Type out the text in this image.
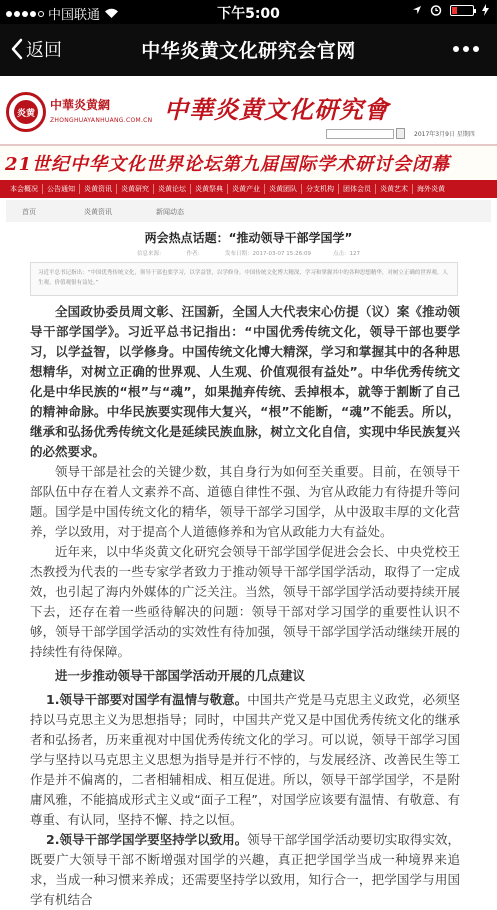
中国联通	下午5:00
返回	中华炎黄文化研究会官网
炎黄
中華炎黄網
ZHONGHUAYANHUANG.COM.CN 中華炎黄文化研究會
2017年3月9日 星期四
21世纪中华文化世界论坛第九届国际学术研讨会闭幕
本会概况	公告通知	炎黄资讯	炎黄研究	炎黄论坛	炎黄祭典	炎黄产业	炎黄团队	分支机构	团体会员	炎黄艺术	海外炎黄
首页	炎黄资讯	新闻动态
两会热点话题：“推动领导干部学国学”
信息来源：	作者：	发布日期：2017-03-07 15:26:09	点击：127
习近平总书记指出：“中国优秀传统文化，领导干部也要学习，以学益智，以学修身。中国传统文化博大精深，学习和掌握其中的各种思想精华，对树立正确的世界观、人生观、价值观很有益处。”

全国政协委员周文彰、汪国新，全国人大代表宋心仿提（议）案《推动领导干部学国学》。习近平总书记指出：“中国优秀传统文化，领导干部也要学习，以学益智，以学修身。中国传统文化博大精深，学习和掌握其中的各种思想精华，对树立正确的世界观、人生观、价值观很有益处”。中华优秀传统文化是中华民族的“根”与“魂”，如果抛弃传统、丢掉根本，就等于割断了自己的精神命脉。中华民族要实现伟大复兴，“根”不能断，“魂”不能丢。所以，继承和弘扬优秀传统文化是延续民族血脉，树立文化自信，实现中华民族复兴的必然要求。

领导干部是社会的关键少数，其自身行为如何至关重要。目前，在领导干部队伍中存在着人文素养不高、道德自律性不强、为官从政能力有待提升等问题。国学是中国传统文化的精华，领导干部学习国学，从中汲取丰厚的文化营养，学以致用，对于提高个人道德修养和为官从政能力大有益处。

近年来，以中华炎黄文化研究会领导干部学国学促进会会长、中央党校王杰教授为代表的一些专家学者致力于推动领导干部学国学活动，取得了一定成效，也引起了海内外媒体的广泛关注。当然，领导干部学国学活动要持续开展下去，还存在着一些亟待解决的问题：领导干部对学习国学的重要性认识不够，领导干部学国学活动的实效性有待加强，领导干部学国学活动继续开展的持续性有待保障。

进一步推动领导干部国学活动开展的几点建议

1.领导干部要对国学有温情与敬意。中国共产党是马克思主义政党，必须坚持以马克思主义为思想指导；同时，中国共产党又是中国优秀传统文化的继承者和弘扬者，历来重视对中国优秀传统文化的学习。可以说，领导干部学习国学与坚持以马克思主义思想为指导是并行不悖的，与发展经济、改善民生等工作是并不偏离的，二者相辅相成、相互促进。所以，领导干部学国学，不是附庸风雅，不能搞成形式主义或“面子工程”，对国学应该要有温情、有敬意、有尊重、有认同，坚持不懈、持之以恒。

2.领导干部学国学要坚持学以致用。领导干部学国学活动要切实取得实效，既要广大领导干部不断增强对国学的兴趣，真正把学国学当成一种境界来追求，当成一种习惯来养成；还需要坚持学以致用，知行合一，把学国学与用国学有机结合
